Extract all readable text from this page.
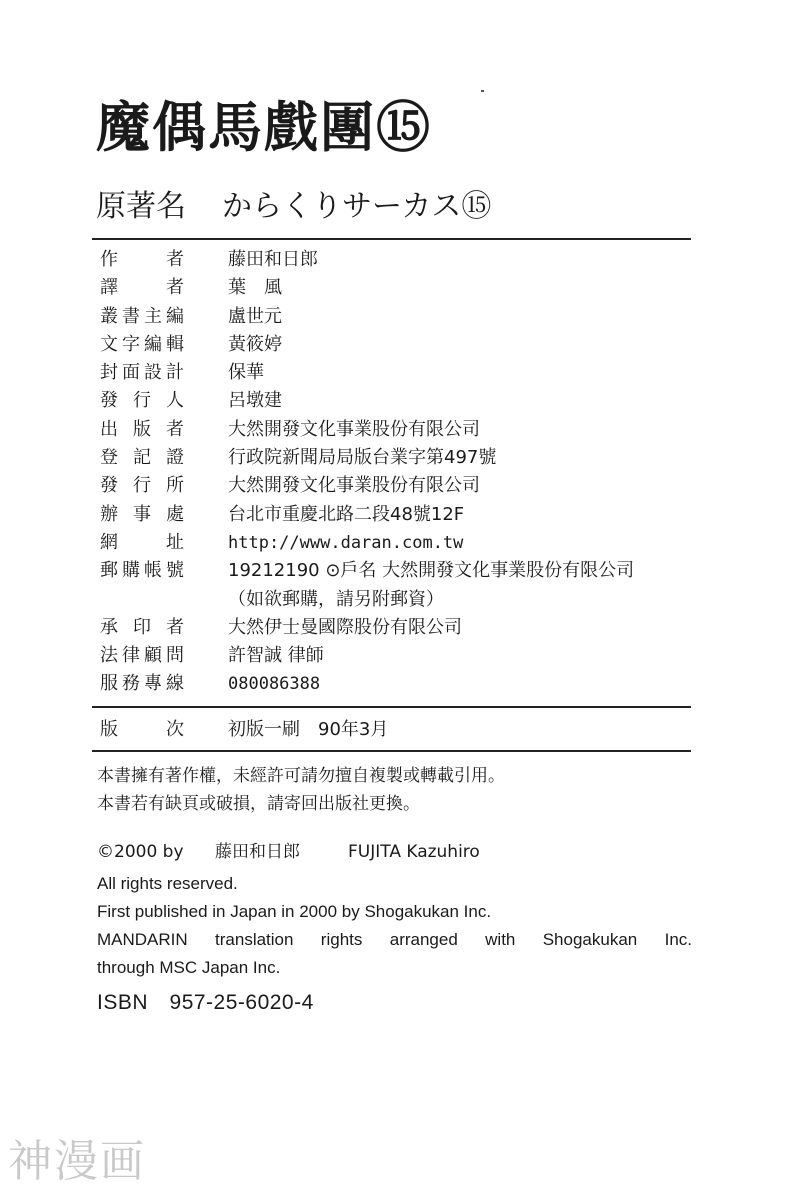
魔偶馬戲團⑮
原著名 からくりサーカス⑮
作　者 藤田和日郎
譯　者 葉　風
叢書主編 盧世元
文字編輯 黃筱婷
封面設計 保華
發行人 呂墩建
出版者 大然開發文化事業股份有限公司
登記證 行政院新聞局局版台業字第497號
發行所 大然開發文化事業股份有限公司
辦事處 台北市重慶北路二段48號12F
網　址	http://www.daran.com.tw
郵購帳號 19212190 ⊙戶名 大然開發文化事業股份有限公司
（如欲郵購，請另附郵資）
承印者 大然伊士曼國際股份有限公司
法律顧問 許智誠 律師
服務專線	080086388
版　次 初版一刷　90年3月
本書擁有著作權，未經許可請勿擅自複製或轉載引用。
本書若有缺頁或破損，請寄回出版社更換。
©2000 by 藤田和日郎	FUJITA Kazuhiro
All rights reserved.
First published in Japan in 2000 by Shogakukan Inc.
MANDARIN translation rights arranged with Shogakukan Inc.
through MSC Japan Inc.
ISBN　957-25-6020-4
神漫画
